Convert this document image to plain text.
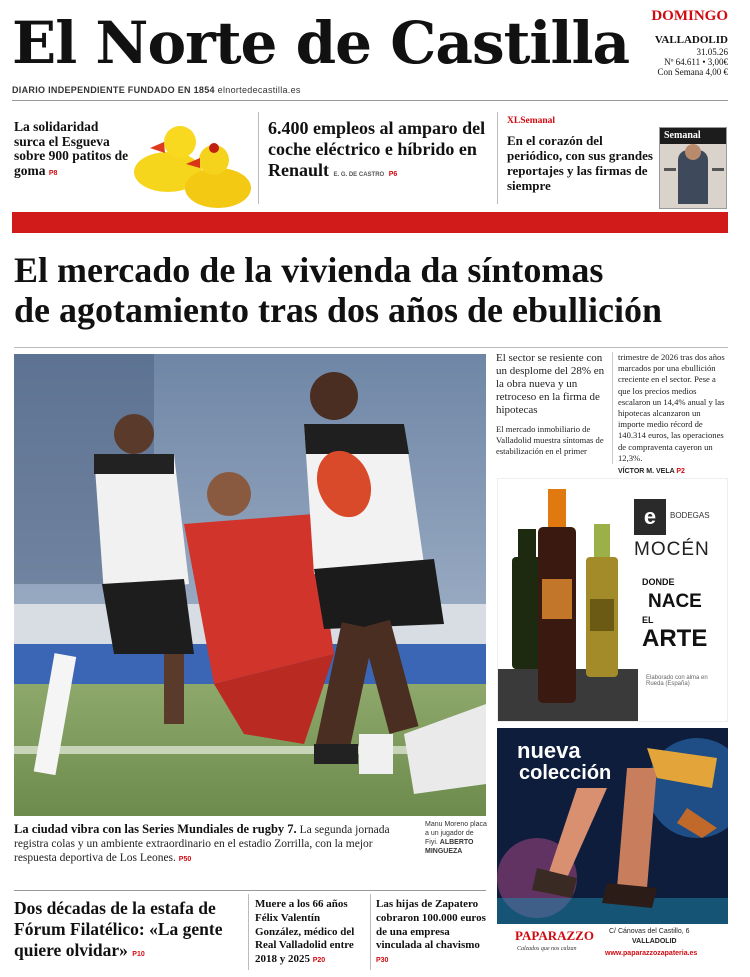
El Norte de Castilla DOMINGO
VALLADOLID
31.05.26
Nº 64.611 • 3,00€
Con Semana 4,00 €
DIARIO INDEPENDIENTE FUNDADO EN 1854 elnortedecastilla.es
La solidaridad surca el Esgueva sobre 900 patitos de goma P8
6.400 empleos al amparo del coche eléctrico e híbrido en Renault E. G. DE CASTRO P6
XLSemanal
En el corazón del periódico, con sus grandes reportajes y las firmas de siempre
Semanal
El mercado de la vivienda da síntomas
de agotamiento tras dos años de ebullición
La ciudad vibra con las Series Mundiales de rugby 7. La segunda jornada registra colas y un ambiente extraordinario en el estadio Zorrilla, con la mejor respuesta deportiva de Los Leones. P50
Manu Moreno placa a un jugador de Fiyi. ALBERTO MINGUEZA
El sector se resiente con un desplome del 28% en la obra nueva y un retroceso en la firma de hipotecas
El mercado inmobiliario de Valladolid muestra síntomas de estabilización en el primer
trimestre de 2026 tras dos años marcados por una ebullición creciente en el sector. Pese a que los precios medios escalaron un 14,4% anual y las hipotecas alcanzaron un importe medio récord de 140.314 euros, las operaciones de compraventa cayeron un 12,3%.
VÍCTOR M. VELA P2
e	BODEGAS
MOCÉN
DONDE
NACE
EL
ARTE
Elaborado con alma en Rueda (España)
nueva
colección
PAPARAZZO
Calzados que nos calzan
C/ Cánovas del Castillo, 6
VALLADOLID
www.paparazzozapateria.es
Dos décadas de la estafa de Fórum Filatélico: «La gente quiere olvidar» P10
Muere a los 66 años Félix Valentín González, médico del Real Valladolid entre 2018 y 2025 P20
Las hijas de Zapatero cobraron 100.000 euros de una empresa vinculada al chavismo P30
